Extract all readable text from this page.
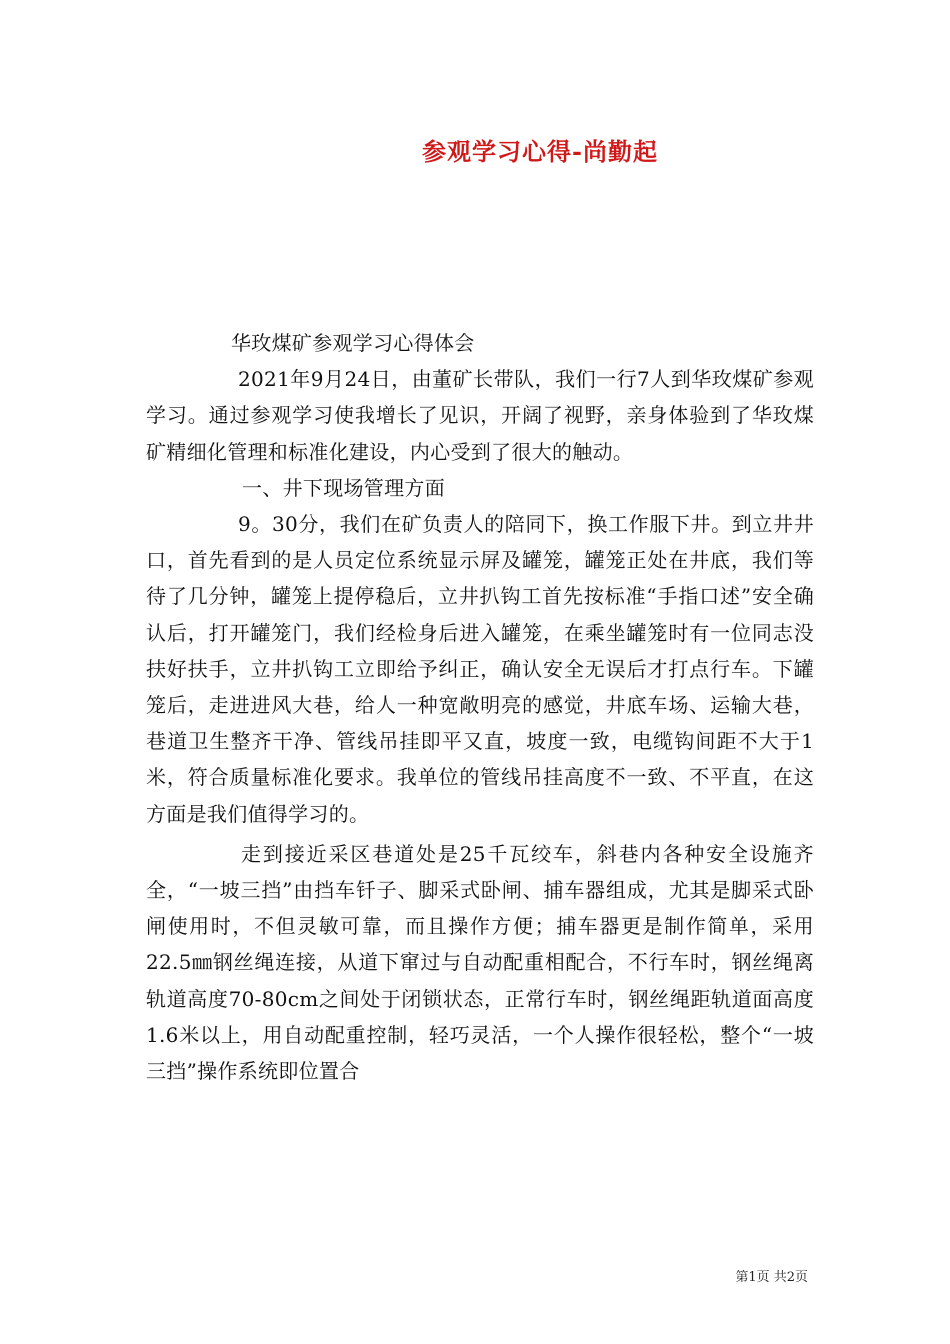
参观学习心得-尚勤起

华玫煤矿参观学习心得体会

2021年9月24日，由董矿长带队，我们一行7人到华玫煤矿参观学习。通过参观学习使我增长了见识，开阔了视野，亲身体验到了华玫煤矿精细化管理和标准化建设，内心受到了很大的触动。

一、井下现场管理方面

9。30分，我们在矿负责人的陪同下，换工作服下井。到立井井口，首先看到的是人员定位系统显示屏及罐笼，罐笼正处在井底，我们等待了几分钟，罐笼上提停稳后，立井扒钩工首先按标准“手指口述”安全确认后，打开罐笼门，我们经检身后进入罐笼，在乘坐罐笼时有一位同志没扶好扶手，立井扒钩工立即给予纠正，确认安全无误后才打点行车。下罐笼后，走进进风大巷，给人一种宽敞明亮的感觉，井底车场、运输大巷，巷道卫生整齐干净、管线吊挂即平又直，坡度一致，电缆钩间距不大于1米，符合质量标准化要求。我单位的管线吊挂高度不一致、不平直，在这方面是我们值得学习的。

走到接近采区巷道处是25千瓦绞车，斜巷内各种安全设施齐全，“一坡三挡”由挡车钎子、脚采式卧闸、捕车器组成，尤其是脚采式卧闸使用时，不但灵敏可靠，而且操作方便；捕车器更是制作简单，采用22.5㎜钢丝绳连接，从道下窜过与自动配重相配合，不行车时，钢丝绳离轨道高度70-80cm之间处于闭锁状态，正常行车时，钢丝绳距轨道面高度1.6米以上，用自动配重控制，轻巧灵活，一个人操作很轻松，整个“一坡三挡”操作系统即位置合

第1页 共2页
